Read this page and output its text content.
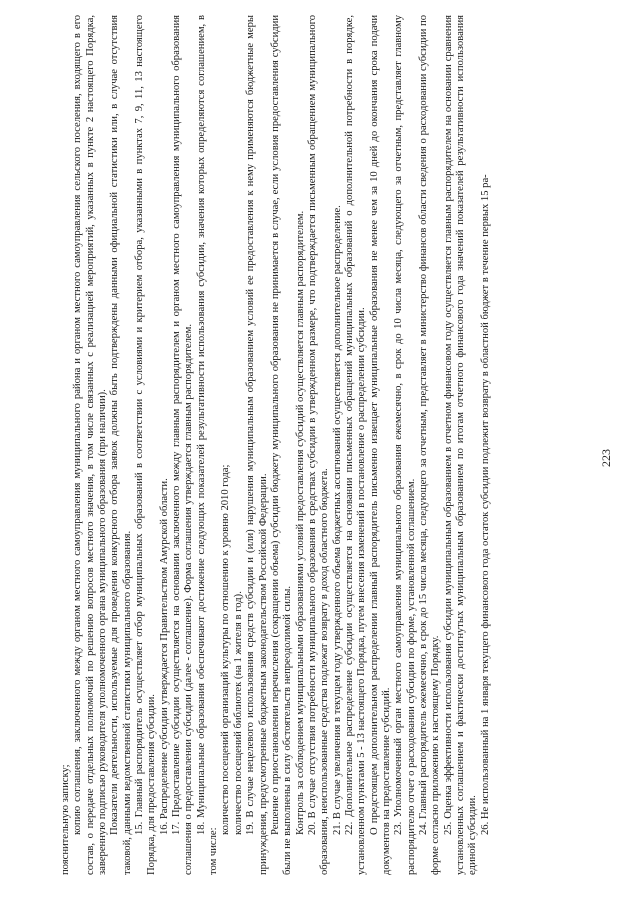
223

пояснительную записку; копию соглашения, заключенного между органом местного самоуправления муниципального района и органом местного самоуправления сельского поселения, входящего в его состав, о передаче отдельных полномочий по решению вопросов местного значения, в том числе связанных с реализацией мероприятий, указанных в пункте 2 настоящего Порядка, заверенную подписью руководителя уполномоченного органа муниципального образования (при наличии). Показатели деятельности, используемые для проведения конкурсного отбора заявок должны быть подтверждены данными официальной статистики или, в случае отсутствия таковой, данными ведомственной статистики муниципального образования. 15. Главный распорядитель осуществляет отбор муниципальных образований в соответствии с условиями и критерием отбора, указанными в пунктах 7, 9, 11, 13 настоящего Порядка, для предоставления субсидии. 16. Распределение субсидии утверждается Правительством Амурской области. 17. Предоставление субсидии осуществляется на основании заключенного между главным распорядителем и органом местного самоуправления муниципального образования соглашения о предоставлении субсидии (далее - соглашение). Форма соглашения утверждается главным распорядителем. 18. Муниципальные образования обеспечивают достижение следующих показателей результативности использования субсидии, значения которых определяются соглашением, в том числе:

количество посещений организаций культуры по отношению к уровню 2010 года; количество посещений библиотек (на 1 жителя в год). 19. В случае нецелевого использования средств субсидии и (или) нарушения муниципальным образованием условий ее предоставления к нему применяются бюджетные меры принуждения, предусмотренные бюджетным законодательством Российской Федерации. Решение о приостановлении перечисления (сокращении объема) субсидии бюджету муниципального образования не принимается в случае, если условия предоставления субсидии были не выполнены в силу обстоятельств непреодолимой силы. Контроль за соблюдением муниципальными образованиями условий предоставления субсидий осуществляется главным распорядителем. 20. В случае отсутствия потребности муниципального образования в средствах субсидии в утвержденном размере, что подтверждается письменным обращением муниципального образования, неиспользованные средства подлежат возврату в доход областного бюджета. 21. В случае увеличения в текущем году утвержденного объема бюджетных ассигнований осуществляется дополнительное распределение. 22. Дополнительное распределение субсидии осуществляется на основании письменных обращений муниципальных образований о дополнительной потребности в порядке, установленном пунктами 5 - 13 настоящего Порядка, путем внесения изменений в постановление о распределении субсидии. О предстоящем дополнительном распределении главный распорядитель письменно извещает муниципальные образования не менее чем за 10 дней до окончания срока подачи документов на предоставление субсидий. 23. Уполномоченный орган местного самоуправления муниципального образования ежемесячно, в срок до 10 числа месяца, следующего за отчетным, представляет главному распорядителю отчет о расходовании субсидии по форме, установленной соглашением. 24. Главный распорядитель ежемесячно, в срок до 15 числа месяца, следующего за отчетным, представляет в министерство финансов области сведения о расходовании субсидии по форме согласно приложению к настоящему Порядку. 25. Оценка эффективности использования субсидии муниципальным образованием в отчетном финансовом году осуществляется главным распорядителем на основании сравнения установленных соглашением и фактически достигнутых муниципальным образованием по итогам отчетного финансового года значений показателей результативности использования единой субсидии.

26. Не использованный на 1 января текущего финансового года остаток субсидии подлежит возврату в областной бюджет в течение первых 15 ра-
